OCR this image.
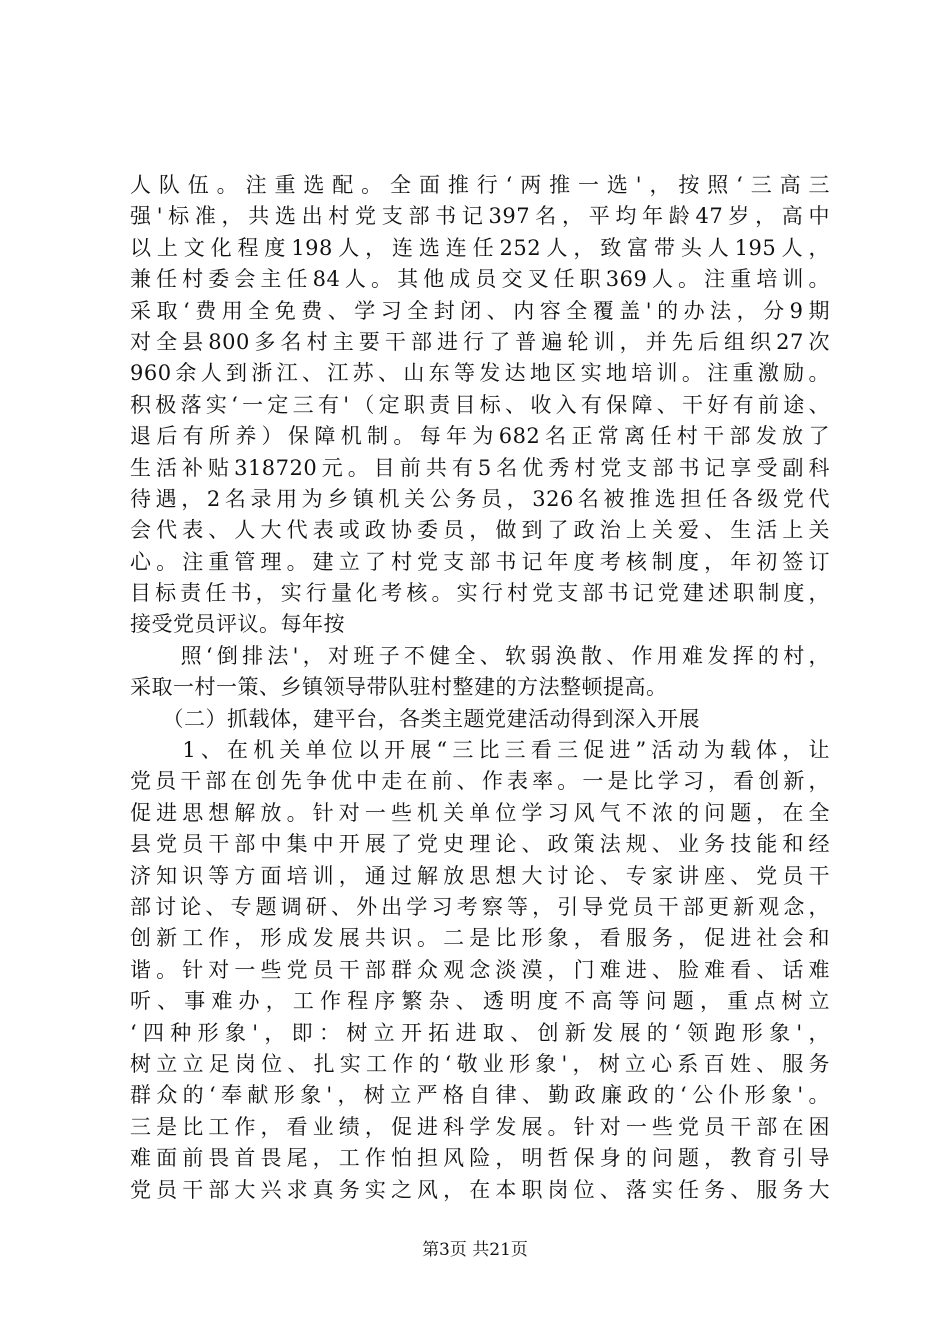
人队伍。注重选配。全面推行‘两推一选'，按照‘三高三
强'标准，共选出村党支部书记397名，平均年龄47岁，高中
以上文化程度198人，连选连任252人，致富带头人195人，
兼任村委会主任84人。其他成员交叉任职369人。注重培训。
采取‘费用全免费、学习全封闭、内容全覆盖'的办法，分9期
对全县800多名村主要干部进行了普遍轮训，并先后组织27次
960余人到浙江、江苏、山东等发达地区实地培训。注重激励。
积极落实‘一定三有'（定职责目标、收入有保障、干好有前途、
退后有所养）保障机制。每年为682名正常离任村干部发放了
生活补贴318720元。目前共有5名优秀村党支部书记享受副科
待遇，2名录用为乡镇机关公务员，326名被推选担任各级党代
会代表、人大代表或政协委员，做到了政治上关爱、生活上关
心。注重管理。建立了村党支部书记年度考核制度，年初签订
目标责任书，实行量化考核。实行村党支部书记党建述职制度，
接受党员评议。每年按
　　照‘倒排法'，对班子不健全、软弱涣散、作用难发挥的村，
采取一村一策、乡镇领导带队驻村整建的方法整顿提高。
　　（二）抓载体，建平台，各类主题党建活动得到深入开展
　　1、在机关单位以开展“三比三看三促进”活动为载体，让
党员干部在创先争优中走在前、作表率。一是比学习，看创新，
促进思想解放。针对一些机关单位学习风气不浓的问题，在全
县党员干部中集中开展了党史理论、政策法规、业务技能和经
济知识等方面培训，通过解放思想大讨论、专家讲座、党员干
部讨论、专题调研、外出学习考察等，引导党员干部更新观念，
创新工作，形成发展共识。二是比形象，看服务，促进社会和
谐。针对一些党员干部群众观念淡漠，门难进、脸难看、话难
听、事难办，工作程序繁杂、透明度不高等问题，重点树立
‘四种形象'，即：树立开拓进取、创新发展的‘领跑形象'，
树立立足岗位、扎实工作的‘敬业形象'，树立心系百姓、服务
群众的‘奉献形象'，树立严格自律、勤政廉政的‘公仆形象'。
三是比工作，看业绩，促进科学发展。针对一些党员干部在困
难面前畏首畏尾，工作怕担风险，明哲保身的问题，教育引导
党员干部大兴求真务实之风，在本职岗位、落实任务、服务大
第3页 共21页
